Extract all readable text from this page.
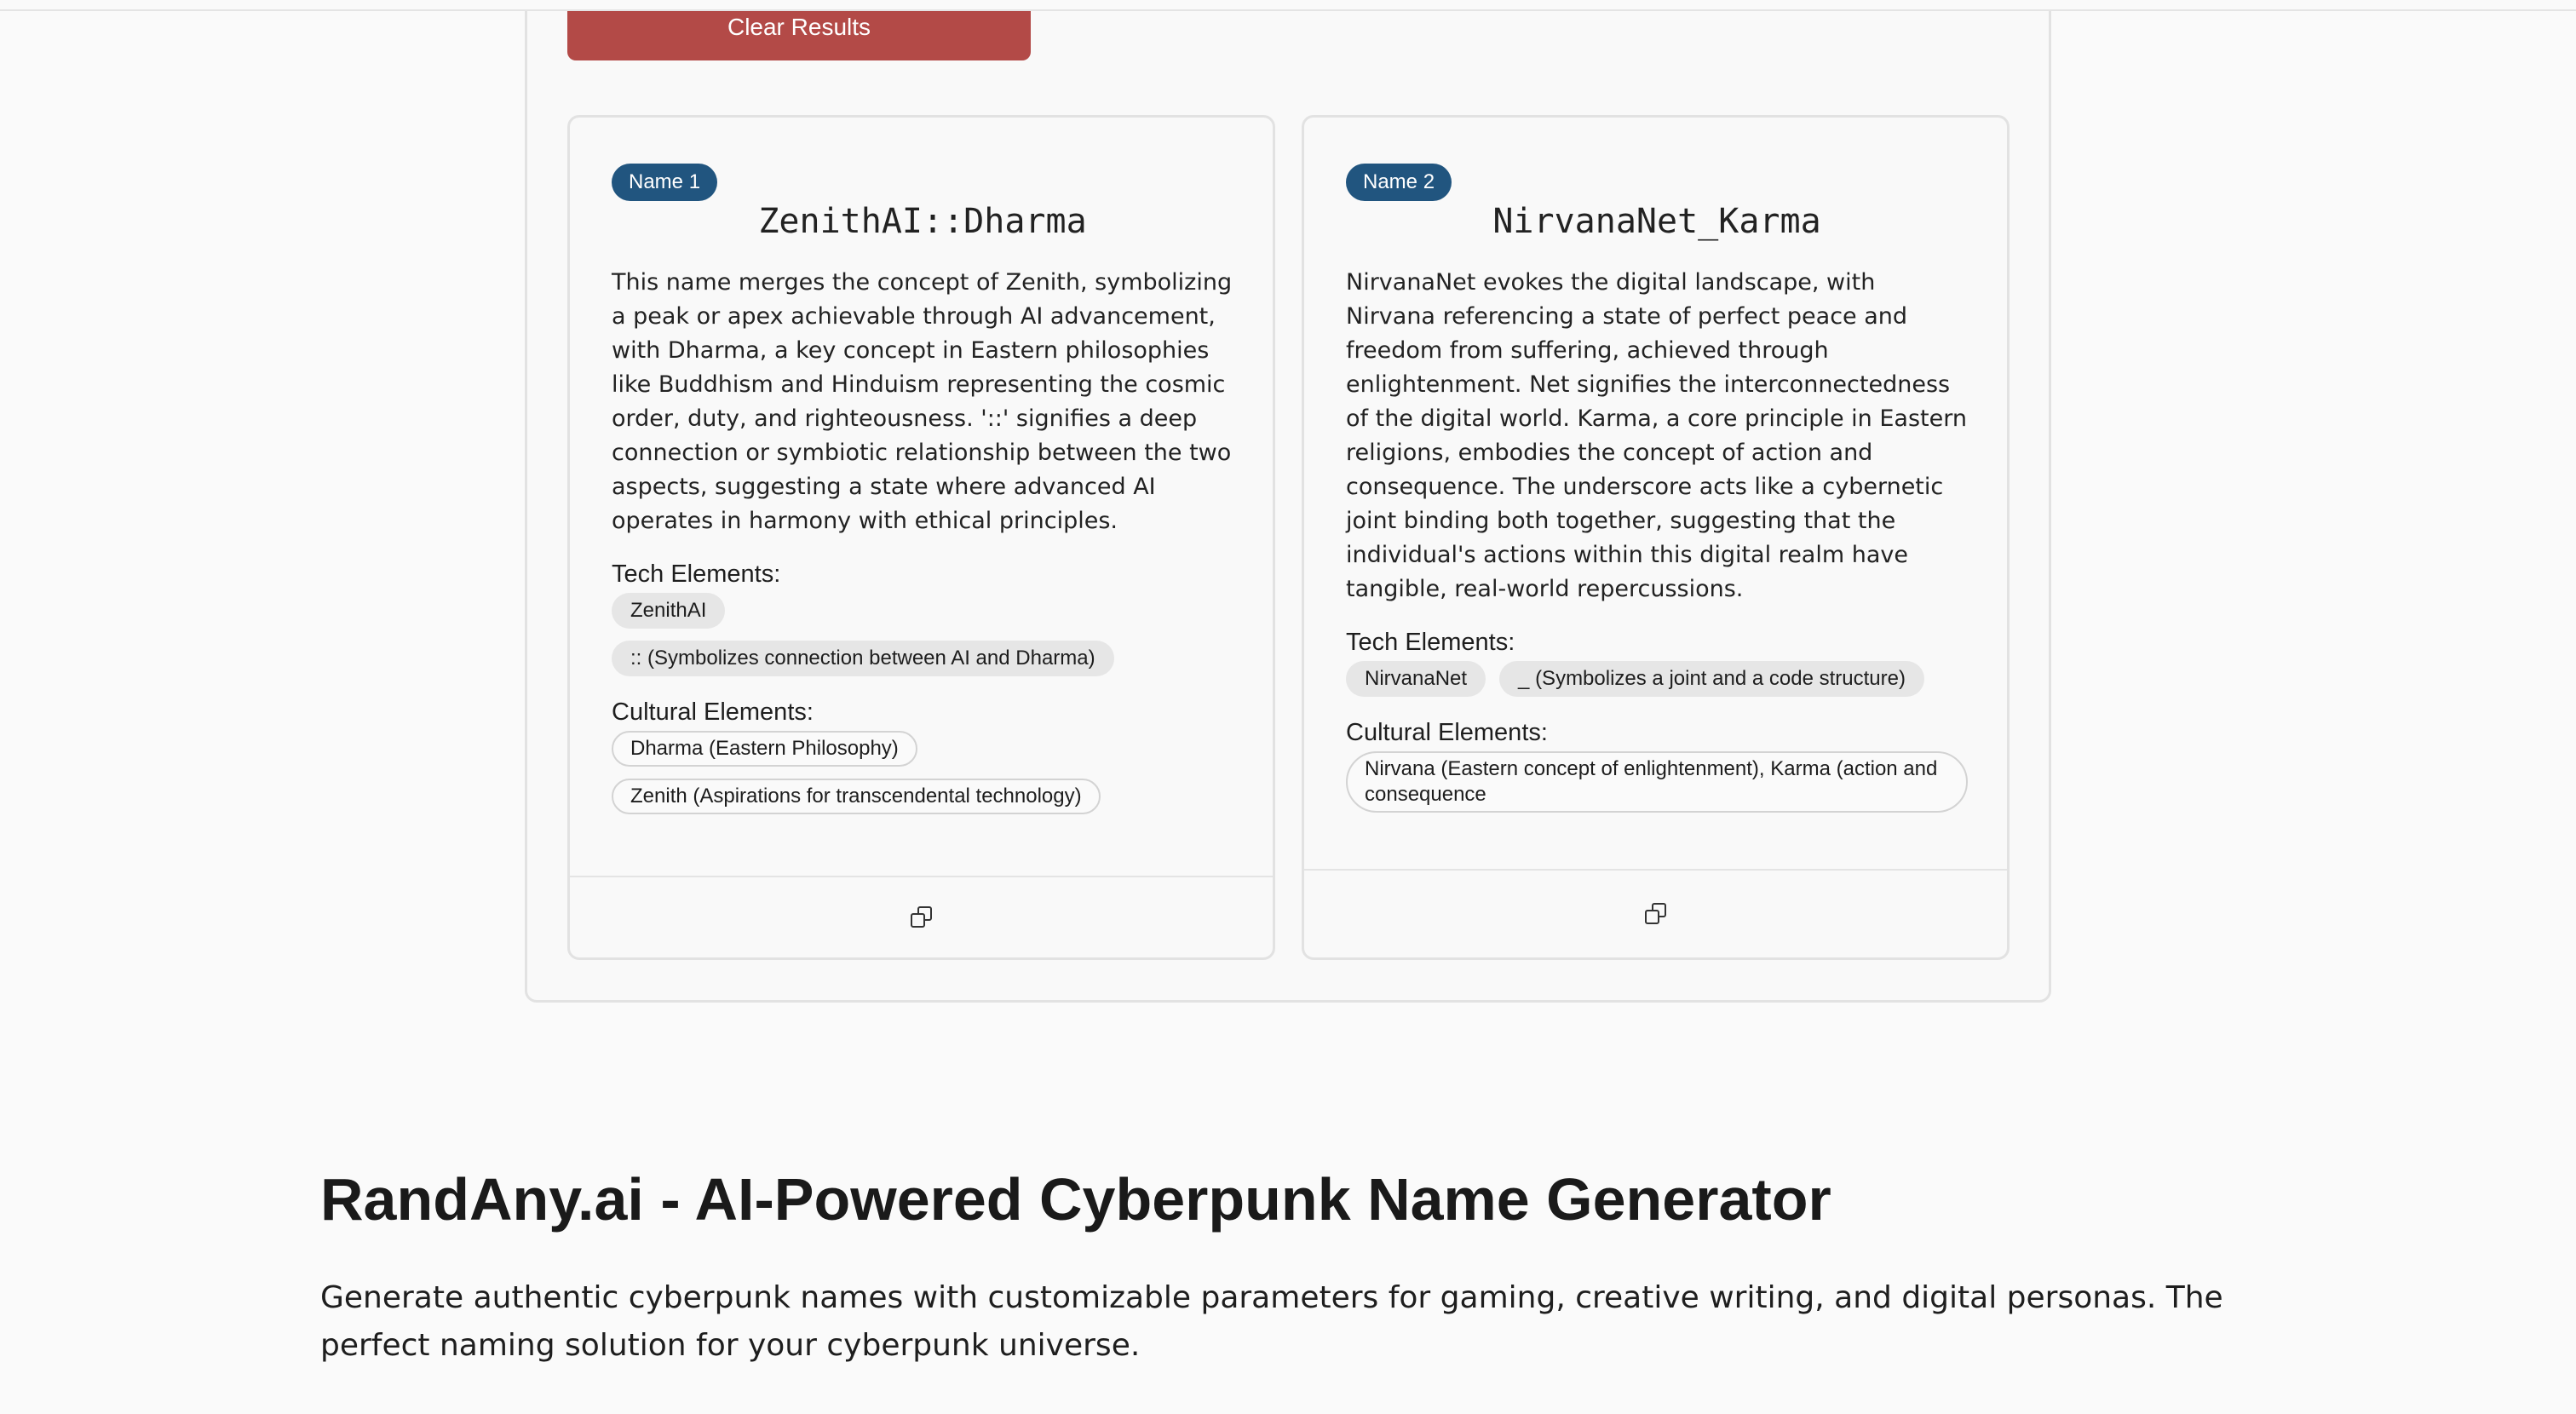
Clear Results
Name 1
ZenithAI::Dharma

This name merges the concept of Zenith, symbolizing a peak or apex achievable through AI advancement, with Dharma, a key concept in Eastern philosophies like Buddhism and Hinduism representing the cosmic order, duty, and righteousness. '::' signifies a deep connection or symbiotic relationship between the two aspects, suggesting a state where advanced AI operates in harmony with ethical principles.

Tech Elements:
ZenithAI
:: (Symbolizes connection between AI and Dharma)
Cultural Elements:
Dharma (Eastern Philosophy)
Zenith (Aspirations for transcendental technology)
Name 2
NirvanaNet_Karma

NirvanaNet evokes the digital landscape, with Nirvana referencing a state of perfect peace and freedom from suffering, achieved through enlightenment. Net signifies the interconnectedness of the digital world. Karma, a core principle in Eastern religions, embodies the concept of action and consequence. The underscore acts like a cybernetic joint binding both together, suggesting that the individual's actions within this digital realm have tangible, real-world repercussions.

Tech Elements:
NirvanaNet	_ (Symbolizes a joint and a code structure)
Cultural Elements:
Nirvana (Eastern concept of enlightenment), Karma (action and consequence
RandAny.ai - AI-Powered Cyberpunk Name Generator

Generate authentic cyberpunk names with customizable parameters for gaming, creative writing, and digital personas. The perfect naming solution for your cyberpunk universe.
